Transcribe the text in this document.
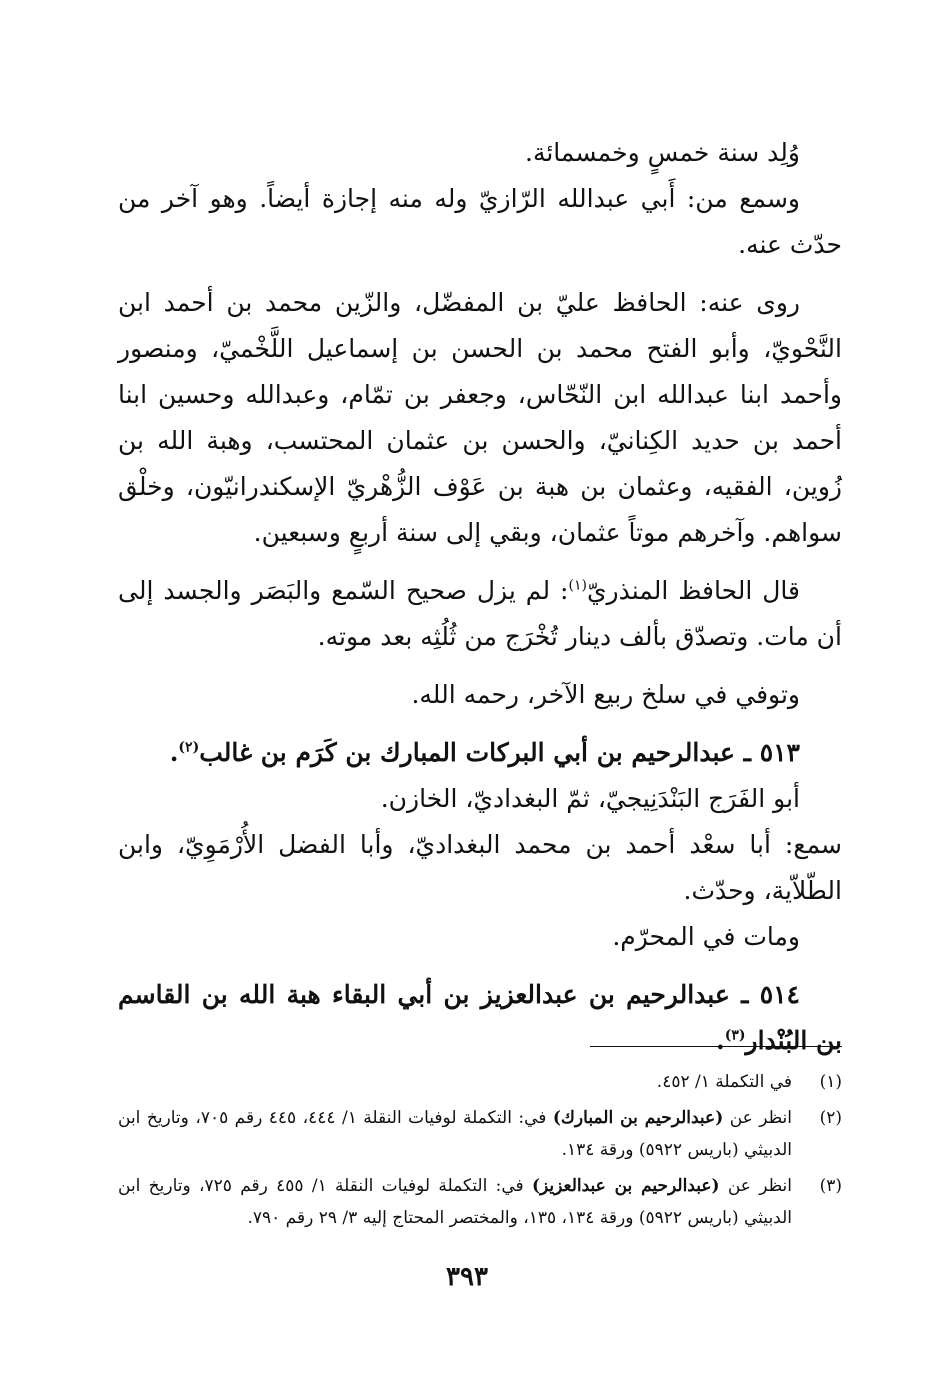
وُلِد سنة خمسٍ وخمسمائة.

وسمع من: أَبي عبدالله الرّازيّ وله منه إجازة أيضاً. وهو آخر من حدّث عنه.

روى عنه: الحافظ عليّ بن المفضّل، والزّين محمد بن أحمد ابن النَّحْويّ، وأبو الفتح محمد بن الحسن بن إسماعيل اللَّخْميّ، ومنصور وأحمد ابنا عبدالله ابن النّحّاس، وجعفر بن تمّام، وعبدالله وحسين ابنا أحمد بن حديد الكِنانيّ، والحسن بن عثمان المحتسب، وهبة الله بن زُوين، الفقيه، وعثمان بن هبة بن عَوْف الزُّهْريّ الإسكندرانيّون، وخلْق سواهم. وآخرهم موتاً عثمان، وبقي إلى سنة أربعٍ وسبعين.

قال الحافظ المنذريّ$^{(١)}$: لم يزل صحيح السّمع والبَصَر والجسد إلى أن مات. وتصدّق بألف دينار تُخْرَج من ثُلُثِه بعد موته.

وتوفي في سلخ ربيع الآخر، رحمه الله.

٥١٣ ـ عبدالرحيم بن أبي البركات المبارك بن كَرَم بن غالب$^{(٢)}$.

أبو الفَرَج البَنْدَنِيجيّ، ثمّ البغداديّ، الخازن.

سمع: أبا سعْد أحمد بن محمد البغداديّ، وأبا الفضل الأُرْمَوِيّ، وابن الطّلاّية، وحدّث.

ومات في المحرّم.

٥١٤ ـ عبدالرحيم بن عبدالعزيز بن أبي البقاء هبة الله بن القاسم بن البُنْدار$^{(٣)}$.

(١)
في التكملة ١/ ٤٥٢.
(٢)
انظر عن (عبدالرحيم بن المبارك) في: التكملة لوفيات النقلة ١/ ٤٤٤، ٤٤٥ رقم ٧٠٥، وتاريخ ابن الدبيثي (باريس ٥٩٢٢) ورقة ١٣٤.
(٣)
انظر عن (عبدالرحيم بن عبدالعزيز) في: التكملة لوفيات النقلة ١/ ٤٥٥ رقم ٧٢٥، وتاريخ ابن الدبيثي (باريس ٥٩٢٢) ورقة ١٣٤، ١٣٥، والمختصر المحتاج إليه ٣/ ٢٩ رقم ٧٩٠.
٣٩٣
